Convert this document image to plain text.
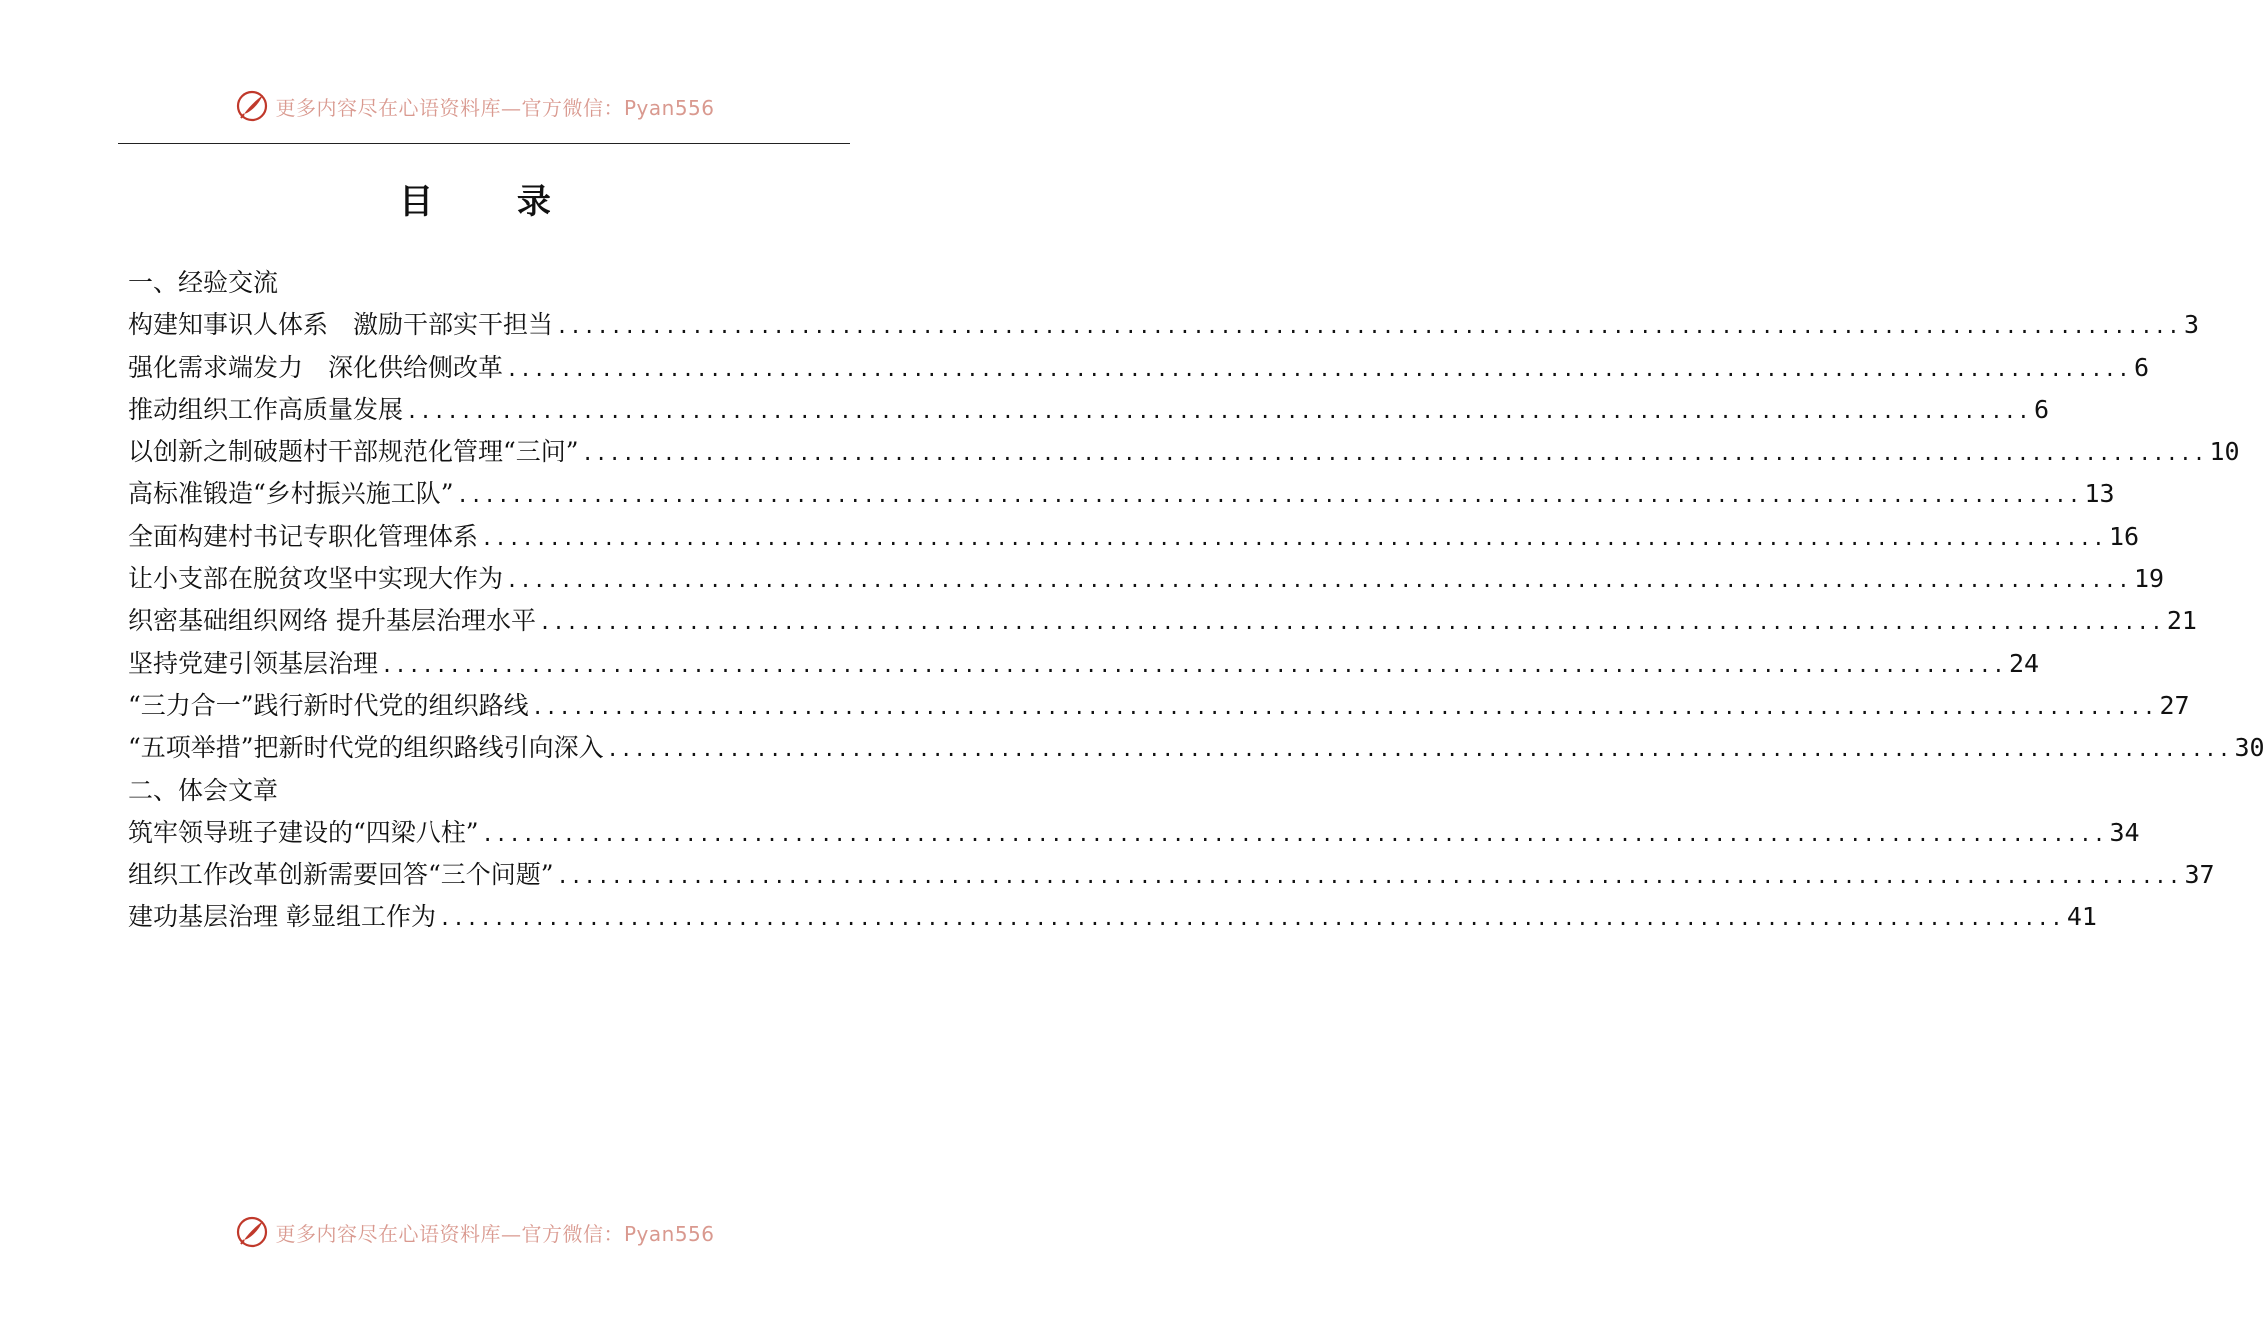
更多内容尽在心语资料库—官方微信：Pyan556
目 录
一、经验交流
构建知事识人体系　激励干部实干担当 ........................................................................................................................ 3
强化需求端发力　深化供给侧改革 ........................................................................................................................ 6
推动组织工作高质量发展 ........................................................................................................................ 6
以创新之制破题村干部规范化管理“三问” ........................................................................................................................ 10
高标准锻造“乡村振兴施工队” ........................................................................................................................ 13
全面构建村书记专职化管理体系 ........................................................................................................................ 16
让小支部在脱贫攻坚中实现大作为 ........................................................................................................................ 19
织密基础组织网络 提升基层治理水平 ........................................................................................................................ 21
坚持党建引领基层治理 ........................................................................................................................ 24
“三力合一”践行新时代党的组织路线 ........................................................................................................................ 27
“五项举措”把新时代党的组织路线引向深入 ........................................................................................................................ 30
二、体会文章
筑牢领导班子建设的“四梁八柱” ........................................................................................................................ 34
组织工作改革创新需要回答“三个问题” ........................................................................................................................ 37
建功基层治理 彰显组工作为 ........................................................................................................................ 41
更多内容尽在心语资料库—官方微信：Pyan556
